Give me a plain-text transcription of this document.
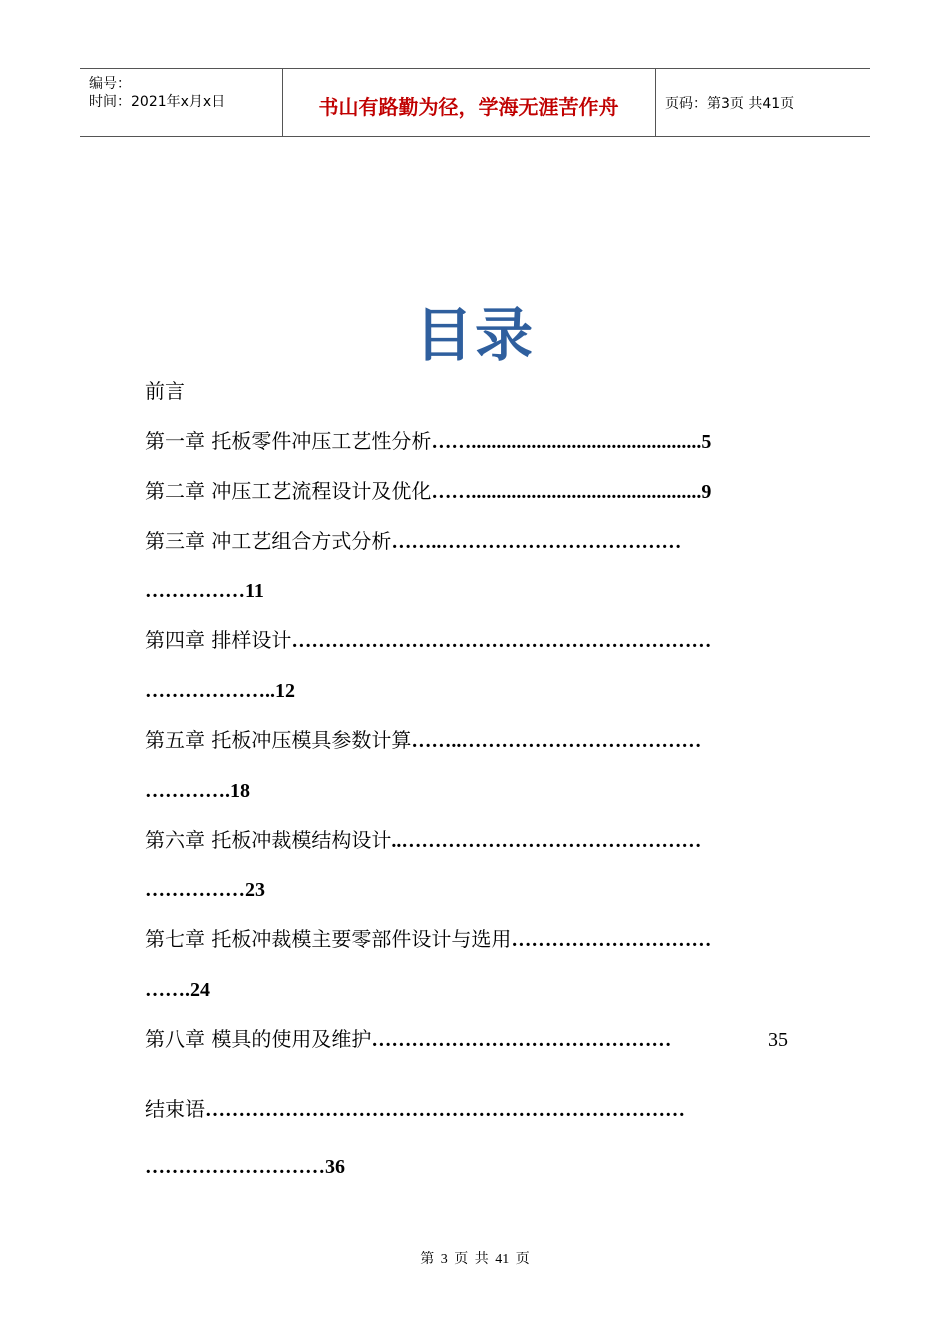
编号：
时间：2021年x月x日	书山有路勤为径，学海无涯苦作舟	页码：第3页 共41页
目录
前言
第一章 托板零件冲压工艺性分析……..............................................5
第二章 冲压工艺流程设计及优化……..............................................9
第三章 冲工艺组合方式分析……..………………………………
……………11
第四章 排样设计………………………………………………………
………………..12
第五章 托板冲压模具参数计算……..………………………………
………….18
第六章 托板冲裁模结构设计..………………………………………
……………23
第七章 托板冲裁模主要零部件设计与选用…………………………
…….24
第八章 模具的使用及维护………………………………………	35
结束语………………………………………………………………
………………………36
第 3 页 共 41 页
